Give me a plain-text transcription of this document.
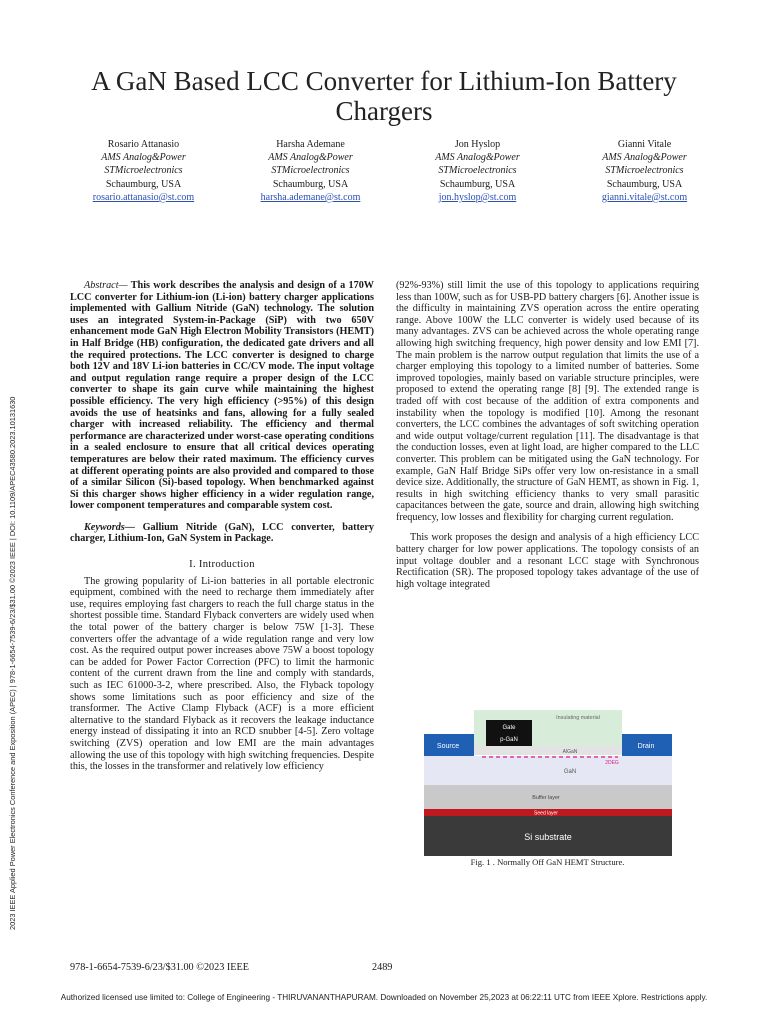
A GaN Based LCC Converter for Lithium-Ion Battery Chargers
Rosario Attanasio
AMS Analog&Power
STMicroelectronics
Schaumburg, USA
rosario.attanasio@st.com
Harsha Ademane
AMS Analog&Power
STMicroelectronics
Schaumburg, USA
harsha.ademane@st.com
Jon Hyslop
AMS Analog&Power
STMicroelectronics
Schaumburg, USA
jon.hyslop@st.com
Gianni Vitale
AMS Analog&Power
STMicroelectronics
Schaumburg, USA
gianni.vitale@st.com
2023 IEEE Applied Power Electronics Conference and Exposition (APEC) | 978-1-6654-7539-6/23/$31.00 ©2023 IEEE | DOI: 10.1109/APEC43580.2023.10131630

Abstract— This work describes the analysis and design of a 170W LCC converter for Lithium-ion (Li-ion) battery charger applications implemented with Gallium Nitride (GaN) technology. The solution uses an integrated System-in-Package (SiP) with two 650V enhancement mode GaN High Electron Mobility Transistors (HEMT) in Half Bridge (HB) configuration, the dedicated gate drivers and all the required protections. The LCC converter is designed to charge both 12V and 18V Li-ion batteries in CC/CV mode. The input voltage and output regulation range require a proper design of the LCC converter to shape its gain curve while maintaining the highest possible efficiency. The very high efficiency (>95%) of this design avoids the use of heatsinks and fans, allowing for a fully sealed charger with increased reliability. The efficiency and thermal performance are characterized under worst-case operating conditions in a sealed enclosure to ensure that all critical devices operating temperatures are below their rated maximum. The efficiency curves at different operating points are also provided and compared to those of a similar Silicon (Si)-based topology. When benchmarked against Si this charger shows higher efficiency in a wider regulation range, lower component temperatures and comparable system cost.

Keywords— Gallium Nitride (GaN), LCC converter, battery charger, Lithium-Ion, GaN System in Package.

I. Introduction

The growing popularity of Li-ion batteries in all portable electronic equipment, combined with the need to recharge them immediately after use, requires employing fast chargers to reach the full charge status in the shortest possible time. Standard Flyback converters are widely used when the total power of the battery charger is below 75W [1-3]. These converters offer the advantage of a wide regulation range and very low cost. As the required output power increases above 75W a boost topology can be added for Power Factor Correction (PFC) to limit the harmonic content of the current drawn from the line and comply with standards, such as IEC 61000-3-2, where prescribed. Also, the Flyback topology shows some limitations such as poor efficiency and size of the transformer. The Active Clamp Flyback (ACF) is a more efficient alternative to the standard Flyback as it recovers the leakage inductance energy instead of dissipating it into an RCD snubber [4-5]. Zero voltage switching (ZVS) operation and low EMI are the main advantages allowing the use of this topology with high switching frequencies. Despite this, the losses in the transformer and relatively low efficiency

(92%-93%) still limit the use of this topology to applications requiring less than 100W, such as for USB-PD battery chargers [6]. Another issue is the difficulty in maintaining ZVS operation across the entire operating range. Above 100W the LLC converter is widely used because of its many advantages. ZVS can be achieved across the whole operating range allowing high switching frequency, high power density and low EMI [7]. The main problem is the narrow output regulation that limits the use of a charger employing this topology to a limited number of batteries. Some improved topologies, mainly based on variable structure principles, were proposed to extend the operating range [8] [9]. The extended range is traded off with cost because of the addition of extra components and instability when the topology is modified [10]. Among the resonant converters, the LCC combines the advantages of soft switching operation and wide output voltage/current regulation [11]. The disadvantage is that the conduction losses, even at light load, are higher compared to the LLC converter. This problem can be mitigated using the GaN technology. For example, GaN Half Bridge SiPs offer very low on-resistance in a small device size. Additionally, the structure of GaN HEMT, as shown in Fig. 1, results in high switching efficiency thanks to very small parasitic capacitances between the gate, source and drain, allowing high switching frequency, low losses and flexibility for charging current regulation.

This work proposes the design and analysis of a high efficiency LCC battery charger for low power applications. The topology consists of an input voltage doubler and a resonant LCC stage with Synchronous Rectification (SR). The proposed topology takes advantage of the use of high voltage integrated

Insulating material
Gate
p-GaN
Source	Drain
AlGaN
2DEG
GaN
Buffer layer
Seed layer
Si substrate
Fig. 1 . Normally Off GaN HEMT Structure.
978-1-6654-7539-6/23/$31.00 ©2023 IEEE	2489
Authorized licensed use limited to: College of Engineering - THIRUVANANTHAPURAM. Downloaded on November 25,2023 at 06:22:11 UTC from IEEE Xplore. Restrictions apply.
